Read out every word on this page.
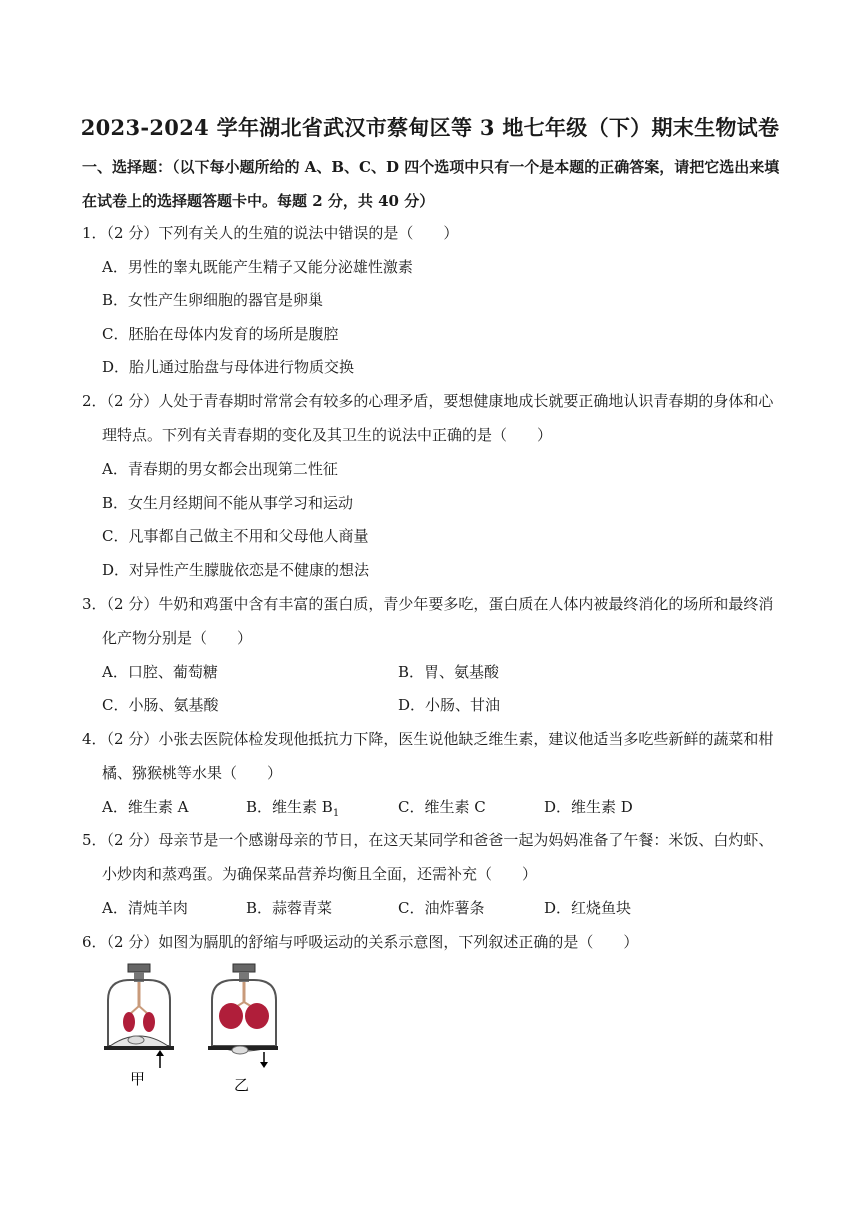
2023-2024 学年湖北省武汉市蔡甸区等 3 地七年级（下）期末生物试卷
一、选择题：（以下每小题所给的 A、B、C、D 四个选项中只有一个是本题的正确答案，请把它选出来填
在试卷上的选择题答题卡中。每题 2 分，共 40 分）
1．（2 分）下列有关人的生殖的说法中错误的是（　　）
A．男性的睾丸既能产生精子又能分泌雄性激素
B．女性产生卵细胞的器官是卵巢
C．胚胎在母体内发育的场所是腹腔
D．胎儿通过胎盘与母体进行物质交换
2．（2 分）人处于青春期时常常会有较多的心理矛盾，要想健康地成长就要正确地认识青春期的身体和心
理特点。下列有关青春期的变化及其卫生的说法中正确的是（　　）
A．青春期的男女都会出现第二性征
B．女生月经期间不能从事学习和运动
C．凡事都自己做主不用和父母他人商量
D．对异性产生朦胧依恋是不健康的想法
3．（2 分）牛奶和鸡蛋中含有丰富的蛋白质，青少年要多吃，蛋白质在人体内被最终消化的场所和最终消
化产物分别是（　　）
A．口腔、葡萄糖	B．胃、氨基酸
C．小肠、氨基酸	D．小肠、甘油
4．（2 分）小张去医院体检发现他抵抗力下降，医生说他缺乏维生素，建议他适当多吃些新鲜的蔬菜和柑
橘、猕猴桃等水果（　　）
A．维生素 A	B．维生素 $B_1$	C．维生素 C	D．维生素 D
5．（2 分）母亲节是一个感谢母亲的节日，在这天某同学和爸爸一起为妈妈准备了午餐：米饭、白灼虾、
小炒肉和蒸鸡蛋。为确保菜品营养均衡且全面，还需补充（　　）
A．清炖羊肉	B．蒜蓉青菜	C．油炸薯条	D．红烧鱼块
6．（2 分）如图为膈肌的舒缩与呼吸运动的关系示意图，下列叙述正确的是（　　）
甲	乙
